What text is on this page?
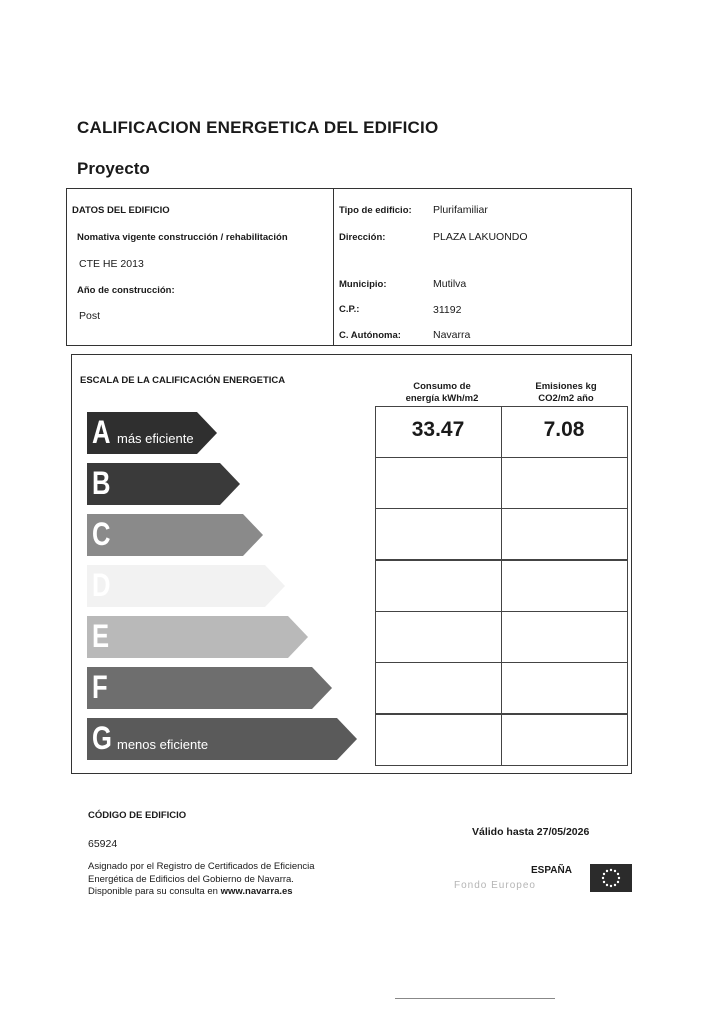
CALIFICACION ENERGETICA DEL EDIFICIO
Proyecto
DATOS DEL EDIFICIO
Nomativa vigente construcción / rehabilitación
CTE HE 2013
Año de construcción:
Post
Tipo de edificio: Plurifamiliar
Dirección:	PLAZA LAKUONDO
Municipio:	Mutilva
C.P.:	31192
C. Autónoma:	Navarra
ESCALA DE LA CALIFICACIÓN ENERGETICA
Consumo de
energía kWh/m2
Emisiones kg
CO2/m2 año
33.47	7.08
A más eficiente
B
C
D
E
F
G menos eficiente
CÓDIGO DE EDIFICIO
65924
Válido hasta 27/05/2026
Asignado por el Registro de Certificados de Eficiencia
Energética de Edificios del Gobierno de Navarra.
Disponible para su consulta en www.navarra.es
ESPAÑA
Fondo Europeo
